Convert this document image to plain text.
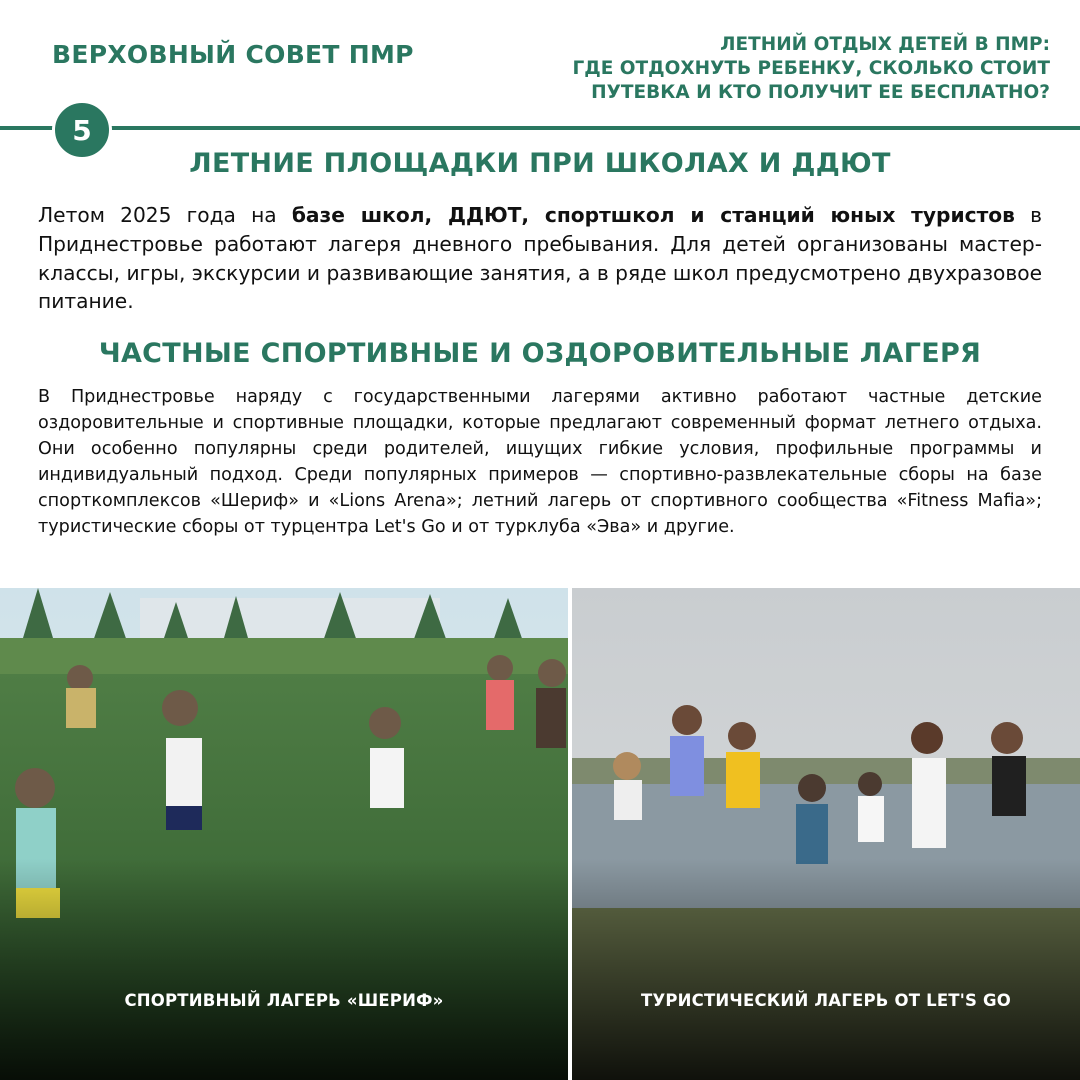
ВЕРХОВНЫЙ СОВЕТ ПМР	ЛЕТНИЙ ОТДЫХ ДЕТЕЙ В ПМР:
ГДЕ ОТДОХНУТЬ РЕБЕНКУ, СКОЛЬКО СТОИТ
ПУТЕВКА И КТО ПОЛУЧИТ ЕЕ БЕСПЛАТНО?
5
ЛЕТНИЕ ПЛОЩАДКИ ПРИ ШКОЛАХ И ДДЮТ

Летом 2025 года на базе школ, ДДЮТ, спортшкол и станций юных туристов в Приднестровье работают лагеря дневного пребывания. Для детей организованы мастер-классы, игры, экскурсии и развивающие занятия, а в ряде школ предусмотрено двухразовое питание.

ЧАСТНЫЕ СПОРТИВНЫЕ И ОЗДОРОВИТЕЛЬНЫЕ ЛАГЕРЯ

В Приднестровье наряду с государственными лагерями активно работают частные детские оздоровительные и спортивные площадки, которые предлагают современный формат летнего отдыха. Они особенно популярны среди родителей, ищущих гибкие условия, профильные программы и индивидуальный подход. Среди популярных примеров — спортивно-развлекательные сборы на базе спорткомплексов «Шериф» и «Lions Arena»; летний лагерь от спортивного сообщества «Fitness Mafia»; туристические сборы от турцентра Let's Go и от турклуба «Эва» и другие.

СПОРТИВНЫЙ ЛАГЕРЬ «ШЕРИФ»	ТУРИСТИЧЕСКИЙ ЛАГЕРЬ ОТ LET'S GO
